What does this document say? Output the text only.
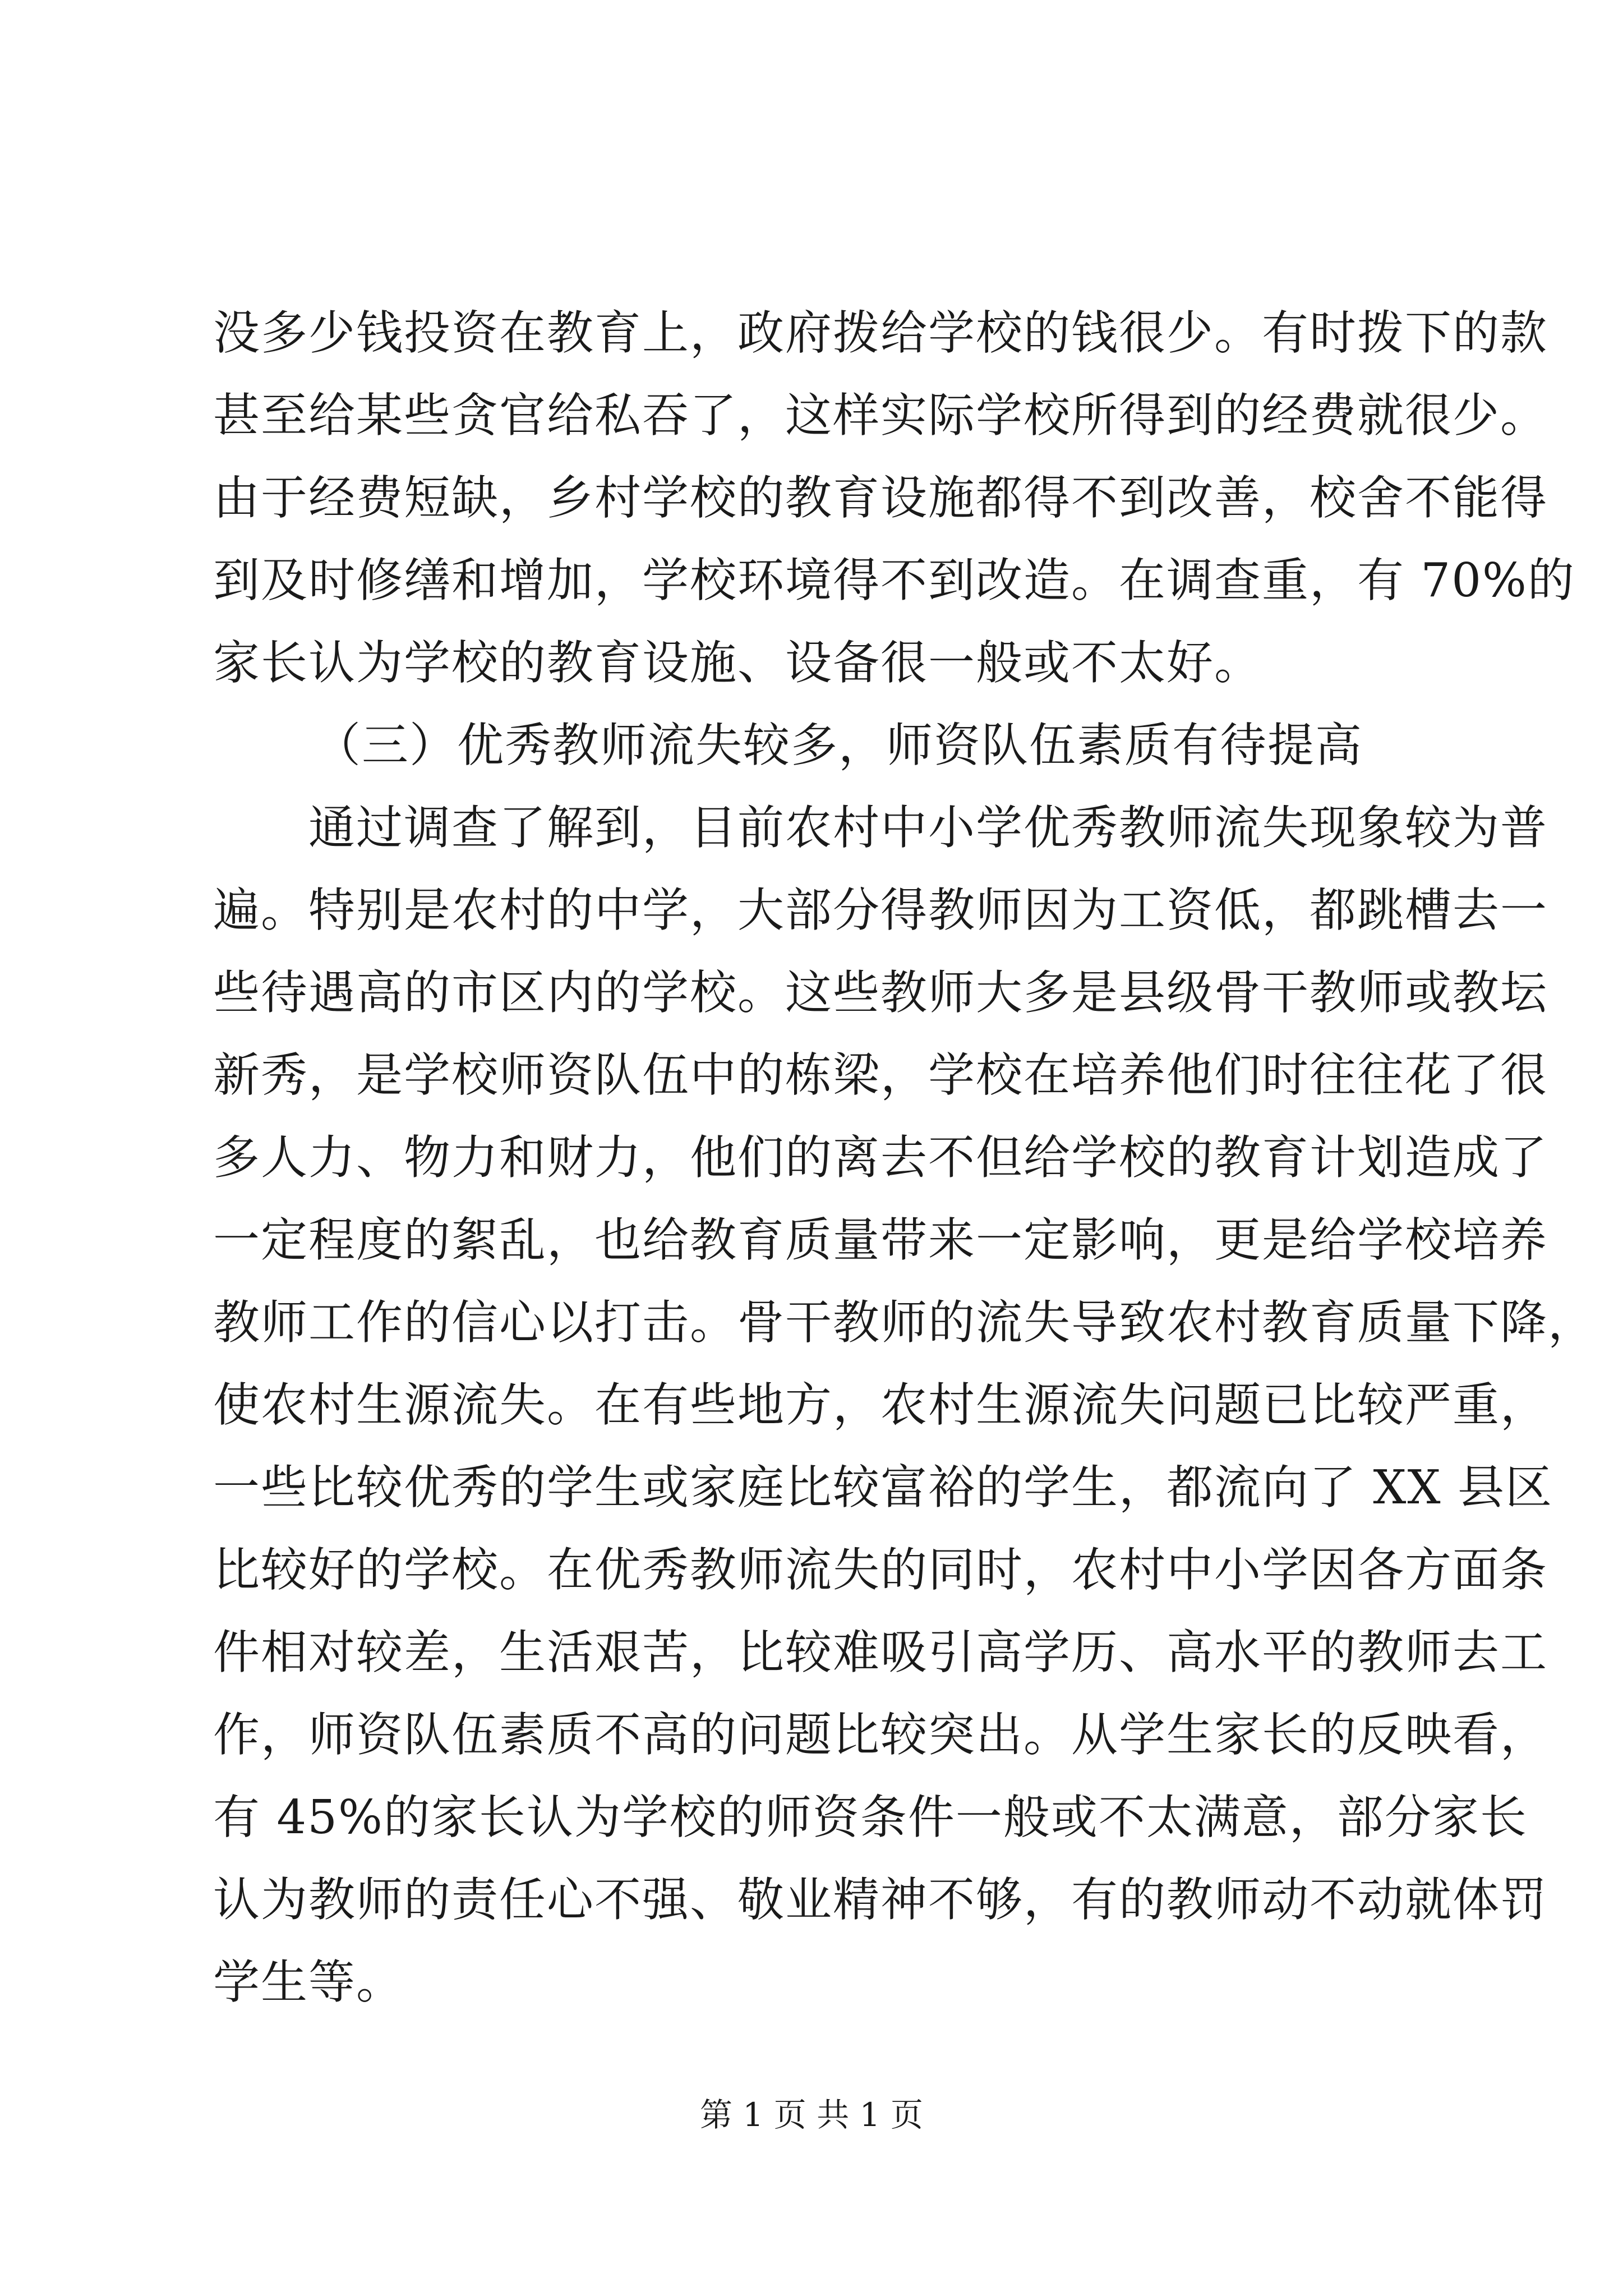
没多少钱投资在教育上，政府拨给学校的钱很少。有时拨下的款
甚至给某些贪官给私吞了，这样实际学校所得到的经费就很少。
由于经费短缺，乡村学校的教育设施都得不到改善，校舍不能得
到及时修缮和增加，学校环境得不到改造。在调查重，有 70%的
家长认为学校的教育设施、设备很一般或不太好。
（三）优秀教师流失较多，师资队伍素质有待提高
通过调查了解到，目前农村中小学优秀教师流失现象较为普
遍。特别是农村的中学，大部分得教师因为工资低，都跳槽去一
些待遇高的市区内的学校。这些教师大多是县级骨干教师或教坛
新秀，是学校师资队伍中的栋梁，学校在培养他们时往往花了很
多人力、物力和财力，他们的离去不但给学校的教育计划造成了
一定程度的絮乱，也给教育质量带来一定影响，更是给学校培养
教师工作的信心以打击。骨干教师的流失导致农村教育质量下降，
使农村生源流失。在有些地方，农村生源流失问题已比较严重，
一些比较优秀的学生或家庭比较富裕的学生，都流向了 XX 县区
比较好的学校。在优秀教师流失的同时，农村中小学因各方面条
件相对较差，生活艰苦，比较难吸引高学历、高水平的教师去工
作，师资队伍素质不高的问题比较突出。从学生家长的反映看，
有 45%的家长认为学校的师资条件一般或不太满意，部分家长
认为教师的责任心不强、敬业精神不够，有的教师动不动就体罚
学生等。
第 1 页 共 1 页
